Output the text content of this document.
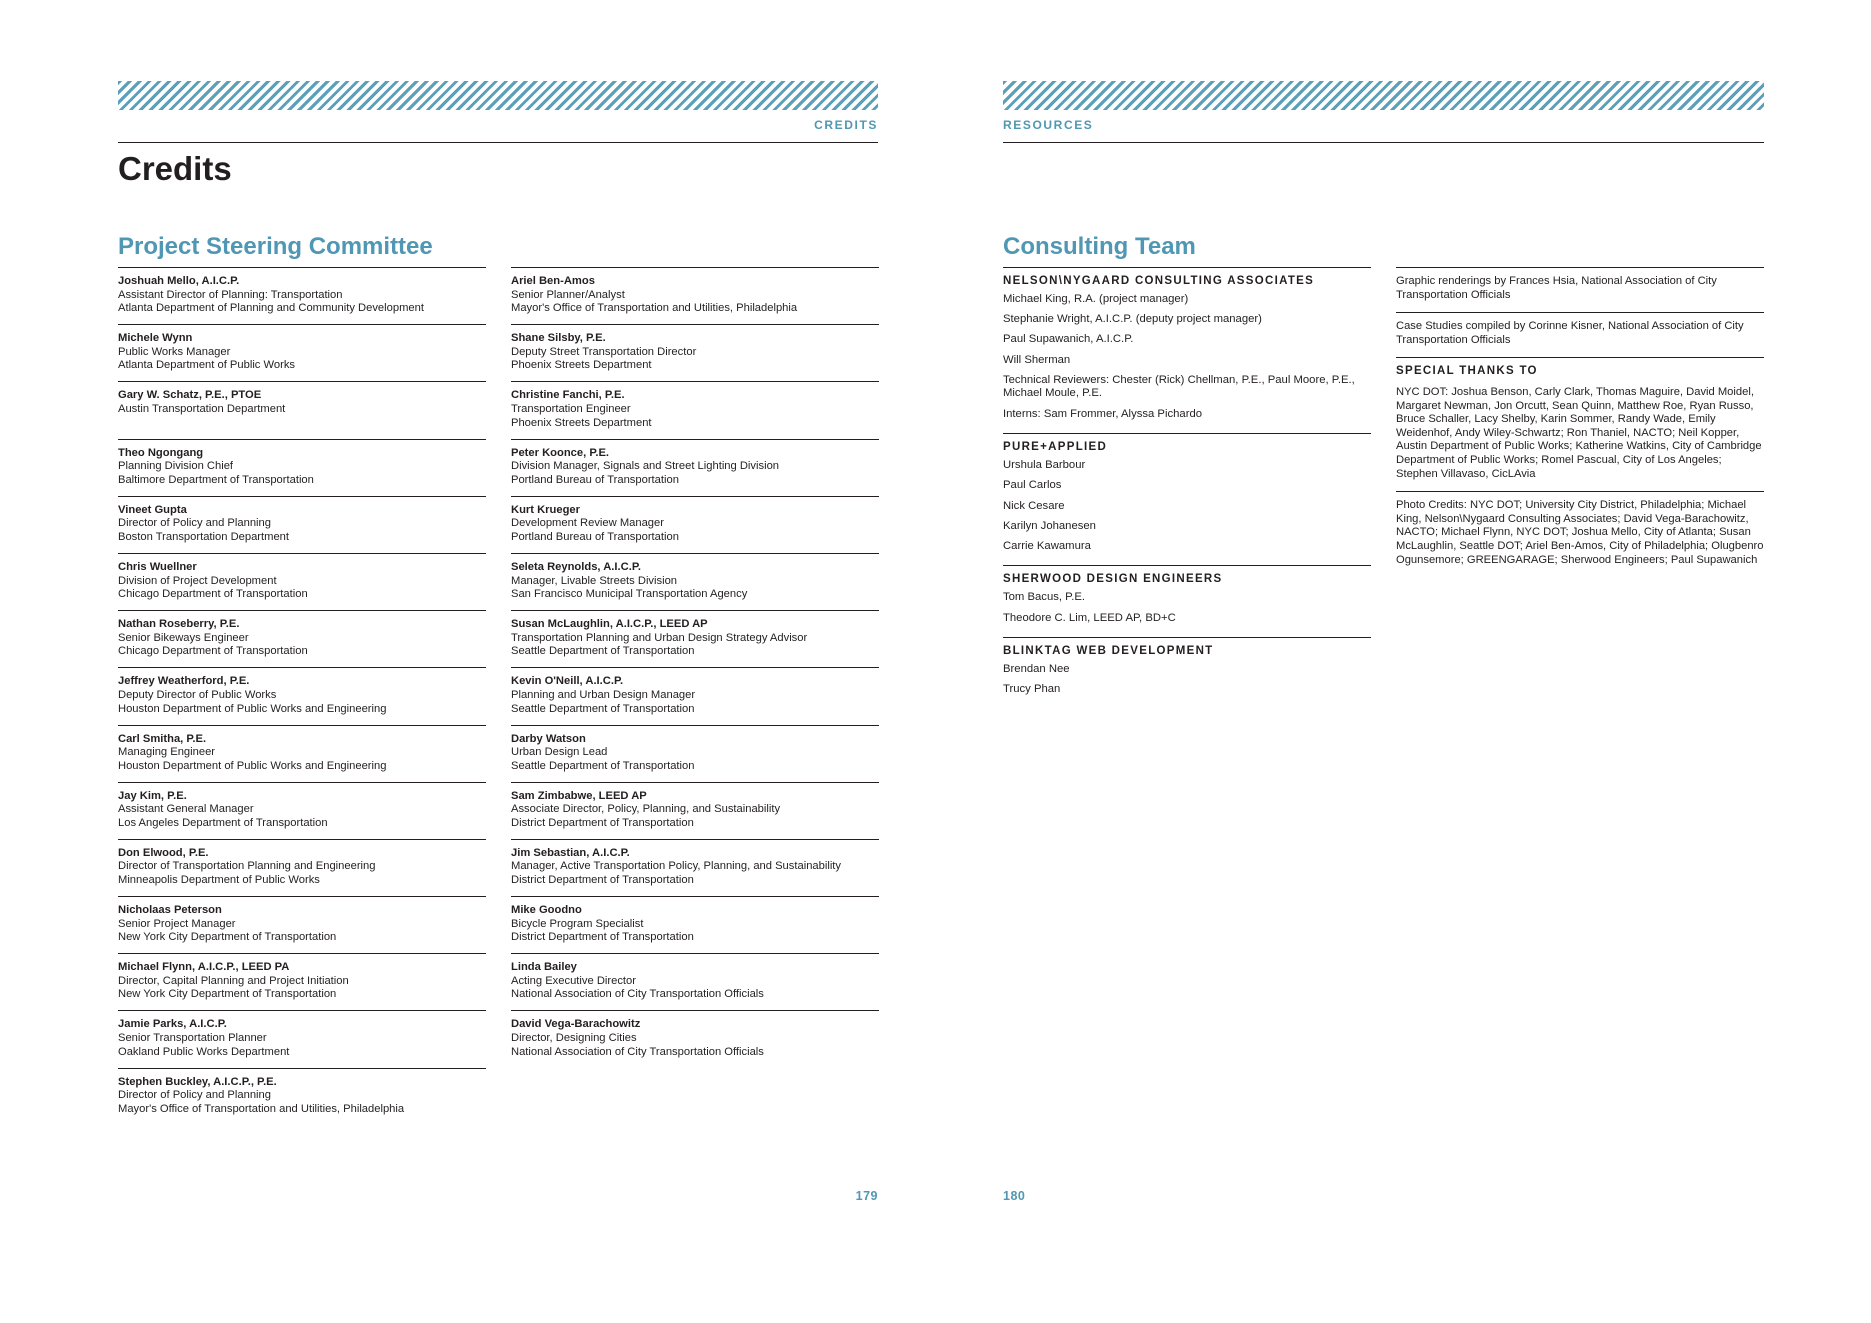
CREDITS
Credits
Project Steering Committee
Joshuah Mello, A.I.C.P.
Assistant Director of Planning: Transportation
Atlanta Department of Planning and Community Development
Michele Wynn
Public Works Manager
Atlanta Department of Public Works
Gary W. Schatz, P.E., PTOE
Austin Transportation Department
Theo Ngongang
Planning Division Chief
Baltimore Department of Transportation
Vineet Gupta
Director of Policy and Planning
Boston Transportation Department
Chris Wuellner
Division of Project Development
Chicago Department of Transportation
Nathan Roseberry, P.E.
Senior Bikeways Engineer
Chicago Department of Transportation
Jeffrey Weatherford, P.E.
Deputy Director of Public Works
Houston Department of Public Works and Engineering
Carl Smitha, P.E.
Managing Engineer
Houston Department of Public Works and Engineering
Jay Kim, P.E.
Assistant General Manager
Los Angeles Department of Transportation
Don Elwood, P.E.
Director of Transportation Planning and Engineering
Minneapolis Department of Public Works
Nicholaas Peterson
Senior Project Manager
New York City Department of Transportation
Michael Flynn, A.I.C.P., LEED PA
Director, Capital Planning and Project Initiation
New York City Department of Transportation
Jamie Parks, A.I.C.P.
Senior Transportation Planner
Oakland Public Works Department
Stephen Buckley, A.I.C.P., P.E.
Director of Policy and Planning
Mayor's Office of Transportation and Utilities, Philadelphia
Ariel Ben-Amos
Senior Planner/Analyst
Mayor's Office of Transportation and Utilities, Philadelphia
Shane Silsby, P.E.
Deputy Street Transportation Director
Phoenix Streets Department
Christine Fanchi, P.E.
Transportation Engineer
Phoenix Streets Department
Peter Koonce, P.E.
Division Manager, Signals and Street Lighting Division
Portland Bureau of Transportation
Kurt Krueger
Development Review Manager
Portland Bureau of Transportation
Seleta Reynolds, A.I.C.P.
Manager, Livable Streets Division
San Francisco Municipal Transportation Agency
Susan McLaughlin, A.I.C.P., LEED AP
Transportation Planning and Urban Design Strategy Advisor
Seattle Department of Transportation
Kevin O'Neill, A.I.C.P.
Planning and Urban Design Manager
Seattle Department of Transportation
Darby Watson
Urban Design Lead
Seattle Department of Transportation
Sam Zimbabwe, LEED AP
Associate Director, Policy, Planning, and Sustainability
District Department of Transportation
Jim Sebastian, A.I.C.P.
Manager, Active Transportation Policy, Planning, and Sustainability
District Department of Transportation
Mike Goodno
Bicycle Program Specialist
District Department of Transportation
Linda Bailey
Acting Executive Director
National Association of City Transportation Officials
David Vega-Barachowitz
Director, Designing Cities
National Association of City Transportation Officials
179
RESOURCES
Consulting Team
NELSON\NYGAARD CONSULTING ASSOCIATES
Michael King, R.A. (project manager)
Stephanie Wright, A.I.C.P. (deputy project manager)
Paul Supawanich, A.I.C.P.
Will Sherman
Technical Reviewers: Chester (Rick) Chellman, P.E., Paul Moore, P.E., Michael Moule, P.E.
Interns: Sam Frommer, Alyssa Pichardo
PURE+APPLIED
Urshula Barbour
Paul Carlos
Nick Cesare
Karilyn Johanesen
Carrie Kawamura
SHERWOOD DESIGN ENGINEERS
Tom Bacus, P.E.
Theodore C. Lim, LEED AP, BD+C
BLINKTAG WEB DEVELOPMENT
Brendan Nee
Trucy Phan
Graphic renderings by Frances Hsia, National Association of City Transportation Officials
Case Studies compiled by Corinne Kisner, National Association of City Transportation Officials
SPECIAL THANKS TO
NYC DOT: Joshua Benson, Carly Clark, Thomas Maguire, David Moidel, Margaret Newman, Jon Orcutt, Sean Quinn, Matthew Roe, Ryan Russo, Bruce Schaller, Lacy Shelby, Karin Sommer, Randy Wade, Emily Weidenhof, Andy Wiley-Schwartz; Ron Thaniel, NACTO; Neil Kopper, Austin Department of Public Works; Katherine Watkins, City of Cambridge Department of Public Works; Romel Pascual, City of Los Angeles; Stephen Villavaso, CicLAvia
Photo Credits: NYC DOT; University City District, Philadelphia; Michael King, Nelson\Nygaard Consulting Associates; David Vega-Barachowitz, NACTO; Michael Flynn, NYC DOT; Joshua Mello, City of Atlanta; Susan McLaughlin, Seattle DOT; Ariel Ben-Amos, City of Philadelphia; Olugbenro Ogunsemore; GREENGARAGE; Sherwood Engineers; Paul Supawanich
180
